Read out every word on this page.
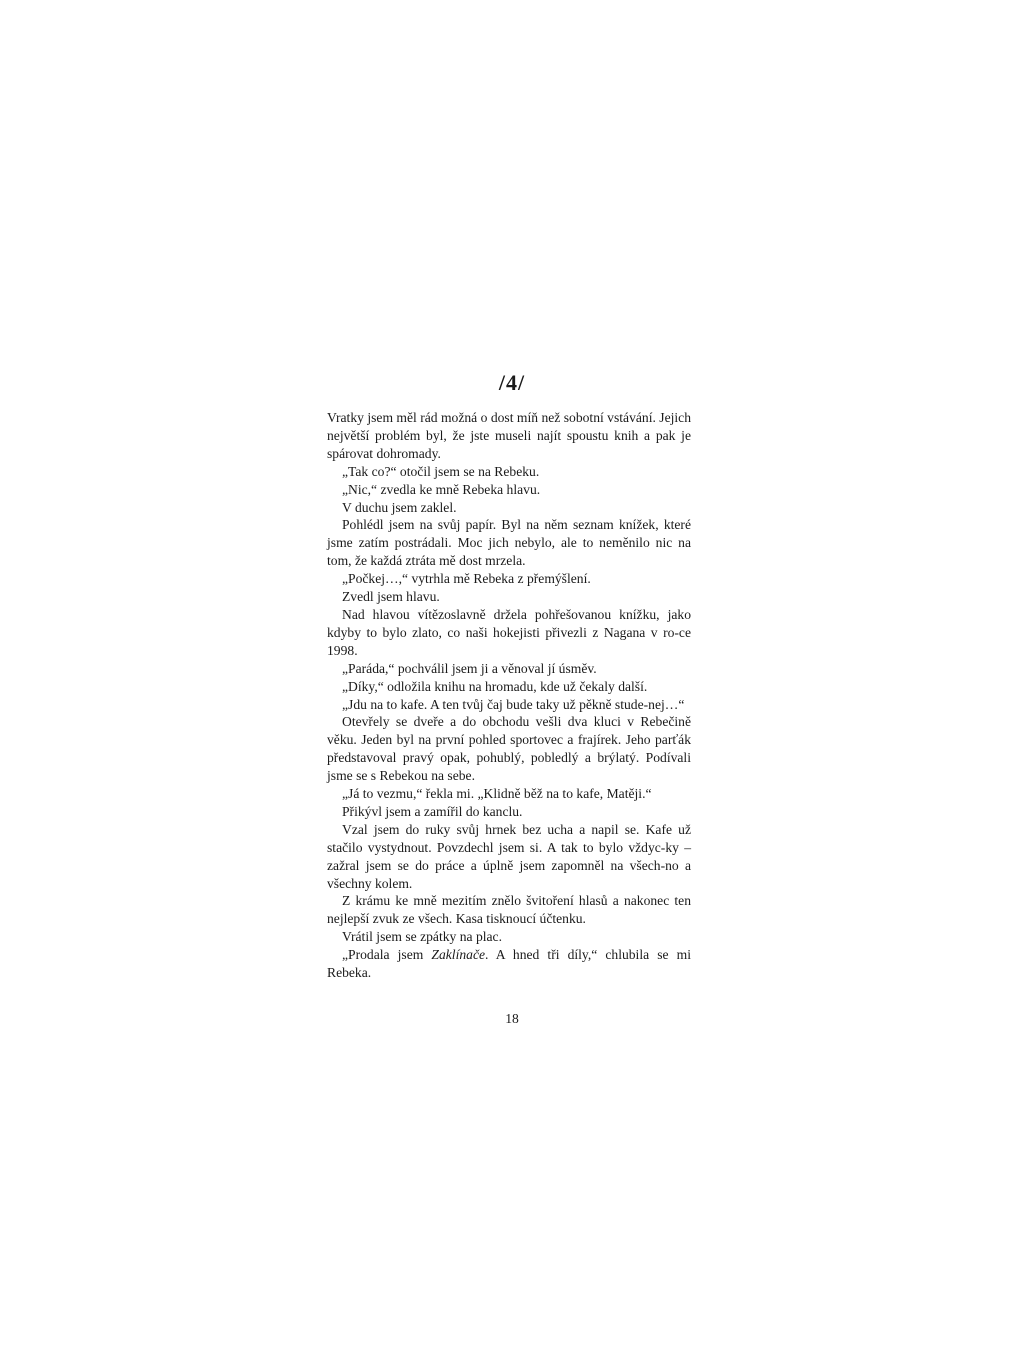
/4/

Vratky jsem měl rád možná o dost míň než sobotní vstávání. Jejich největší problém byl, že jste museli najít spoustu knih a pak je spárovat dohromady.

„Tak co?“ otočil jsem se na Rebeku.

„Nic,“ zvedla ke mně Rebeka hlavu.

V duchu jsem zaklel.

Pohlédl jsem na svůj papír. Byl na něm seznam knížek, které jsme zatím postrádali. Moc jich nebylo, ale to neměnilo nic na tom, že každá ztráta mě dost mrzela.

„Počkej…,“ vytrhla mě Rebeka z přemýšlení.

Zvedl jsem hlavu.

Nad hlavou vítězoslavně držela pohřešovanou knížku, jako kdyby to bylo zlato, co naši hokejisti přivezli z Nagana v ro-ce 1998.

„Paráda,“ pochválil jsem ji a věnoval jí úsměv.

„Díky,“ odložila knihu na hromadu, kde už čekaly další.

„Jdu na to kafe. A ten tvůj čaj bude taky už pěkně stude-nej…“

Otevřely se dveře a do obchodu vešli dva kluci v Rebečině věku. Jeden byl na první pohled sportovec a frajírek. Jeho parťák představoval pravý opak, pohublý, pobledlý a brýlatý. Podívali jsme se s Rebekou na sebe.

„Já to vezmu,“ řekla mi. „Klidně běž na to kafe, Matěji.“

Přikývl jsem a zamířil do kanclu.

Vzal jsem do ruky svůj hrnek bez ucha a napil se. Kafe už stačilo vystydnout. Povzdechl jsem si. A tak to bylo vždyc-ky – zažral jsem se do práce a úplně jsem zapomněl na všech-no a všechny kolem.

Z krámu ke mně mezitím znělo švitoření hlasů a nakonec ten nejlepší zvuk ze všech. Kasa tisknoucí účtenku.

Vrátil jsem se zpátky na plac.

„Prodala jsem Zaklínače. A hned tři díly,“ chlubila se mi Rebeka.

18
